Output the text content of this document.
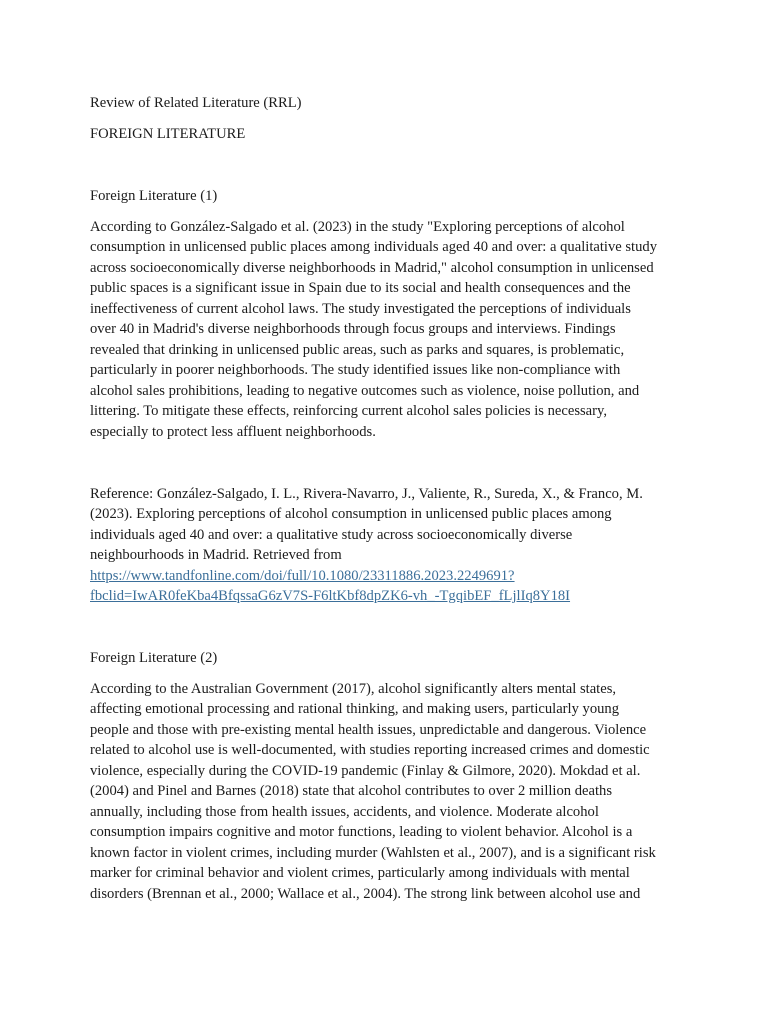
Review of Related Literature (RRL)
FOREIGN LITERATURE
Foreign Literature (1)
According to González-Salgado et al. (2023) in the study "Exploring perceptions of alcohol
consumption in unlicensed public places among individuals aged 40 and over: a qualitative study
across socioeconomically diverse neighborhoods in Madrid," alcohol consumption in unlicensed
public spaces is a significant issue in Spain due to its social and health consequences and the
ineffectiveness of current alcohol laws. The study investigated the perceptions of individuals
over 40 in Madrid's diverse neighborhoods through focus groups and interviews. Findings
revealed that drinking in unlicensed public areas, such as parks and squares, is problematic,
particularly in poorer neighborhoods. The study identified issues like non-compliance with
alcohol sales prohibitions, leading to negative outcomes such as violence, noise pollution, and
littering. To mitigate these effects, reinforcing current alcohol sales policies is necessary,
especially to protect less affluent neighborhoods.
Reference: González-Salgado, I. L., Rivera-Navarro, J., Valiente, R., Sureda, X., & Franco, M.
(2023). Exploring perceptions of alcohol consumption in unlicensed public places among
individuals aged 40 and over: a qualitative study across socioeconomically diverse
neighbourhoods in Madrid. Retrieved from
https://www.tandfonline.com/doi/full/10.1080/23311886.2023.2249691?
fbclid=IwAR0feKba4BfqssaG6zV7S-F6ltKbf8dpZK6-vh_-TgqibEF_fLjlIq8Y18I
Foreign Literature (2)
According to the Australian Government (2017), alcohol significantly alters mental states,
affecting emotional processing and rational thinking, and making users, particularly young
people and those with pre-existing mental health issues, unpredictable and dangerous. Violence
related to alcohol use is well-documented, with studies reporting increased crimes and domestic
violence, especially during the COVID-19 pandemic (Finlay & Gilmore, 2020). Mokdad et al.
(2004) and Pinel and Barnes (2018) state that alcohol contributes to over 2 million deaths
annually, including those from health issues, accidents, and violence. Moderate alcohol
consumption impairs cognitive and motor functions, leading to violent behavior. Alcohol is a
known factor in violent crimes, including murder (Wahlsten et al., 2007), and is a significant risk
marker for criminal behavior and violent crimes, particularly among individuals with mental
disorders (Brennan et al., 2000; Wallace et al., 2004). The strong link between alcohol use and
